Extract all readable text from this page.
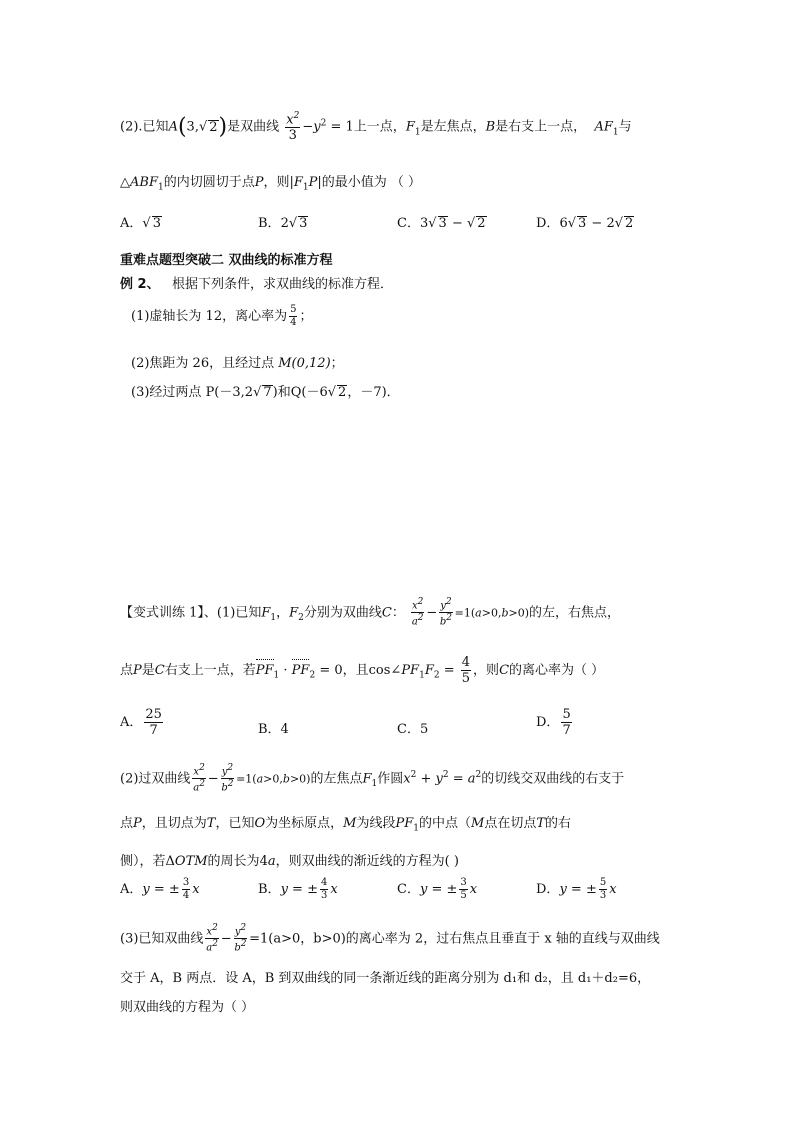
(2).已知A(3,√ 2)是双曲线 $\frac{x^2}{3} -y^2 = 1$上一点，$F_1$是左焦点，B是右支上一点， $AF_1$与
$\triangle ABF_1$的内切圆切于点P，则$|F_1P|$的最小值为 （ ）
A．√ 3	B．2√ 3	C．3√ 3 − √ 2	D．6√ 3 − 2√ 2
重难点题型突破二 双曲线的标准方程
例 2、 根据下列条件，求双曲线的标准方程．
(1)虚轴长为 12，离心率为 $\frac{5}{4}$ ；
(2)焦距为 26，且经过点 M(0,12)；
(3)经过两点 P(－3,2√ 7)和Q(－6√ 2，－7)．
【变式训练 1】、(1)已知$F_1$，$F_2$分别为双曲线C： $\frac{x^2}{a^2} - \frac{y^2}{b^2} =1(a>0,b>0)$的左，右焦点，
点P是C右支上一点，若$PF_1 \cdot PF_2 = 0$，且$\cos\angle PF_1F_2 = \frac{4}{5}$ ，则C的离心率为（ ）
A． $\frac{25}{7}$	B．4	C．5	D． $\frac{5}{7}$
(2)过双曲线 $\frac{x^2}{a^2} - \frac{y^2}{b^2} =1(a>0,b>0)$的左焦点$F_1$作圆$x^2 + y^2 = a^2$的切线交双曲线的右支于
点P，且切点为T，已知O为坐标原点，M为线段$PF_1$的中点（M点在切点T的右
侧），若ΔOTM的周长为4a，则双曲线的渐近线的方程为( )
A．y = ± $\frac{3}{4}$ x	B．y = ± $\frac{4}{3}$ x	C．y = ± $\frac{3}{5}$ x	D．y = ± $\frac{5}{3}$ x
(3)已知双曲线 $\frac{x^2}{a^2} - \frac{y^2}{b^2} =1(a>0$，b>0)的离心率为 2，过右焦点且垂直于 x 轴的直线与双曲线
交于 A，B 两点．设 A，B 到双曲线的同一条渐近线的距离分别为 d₁和 d₂，且 d₁＋d₂=6，
则双曲线的方程为（ ）
